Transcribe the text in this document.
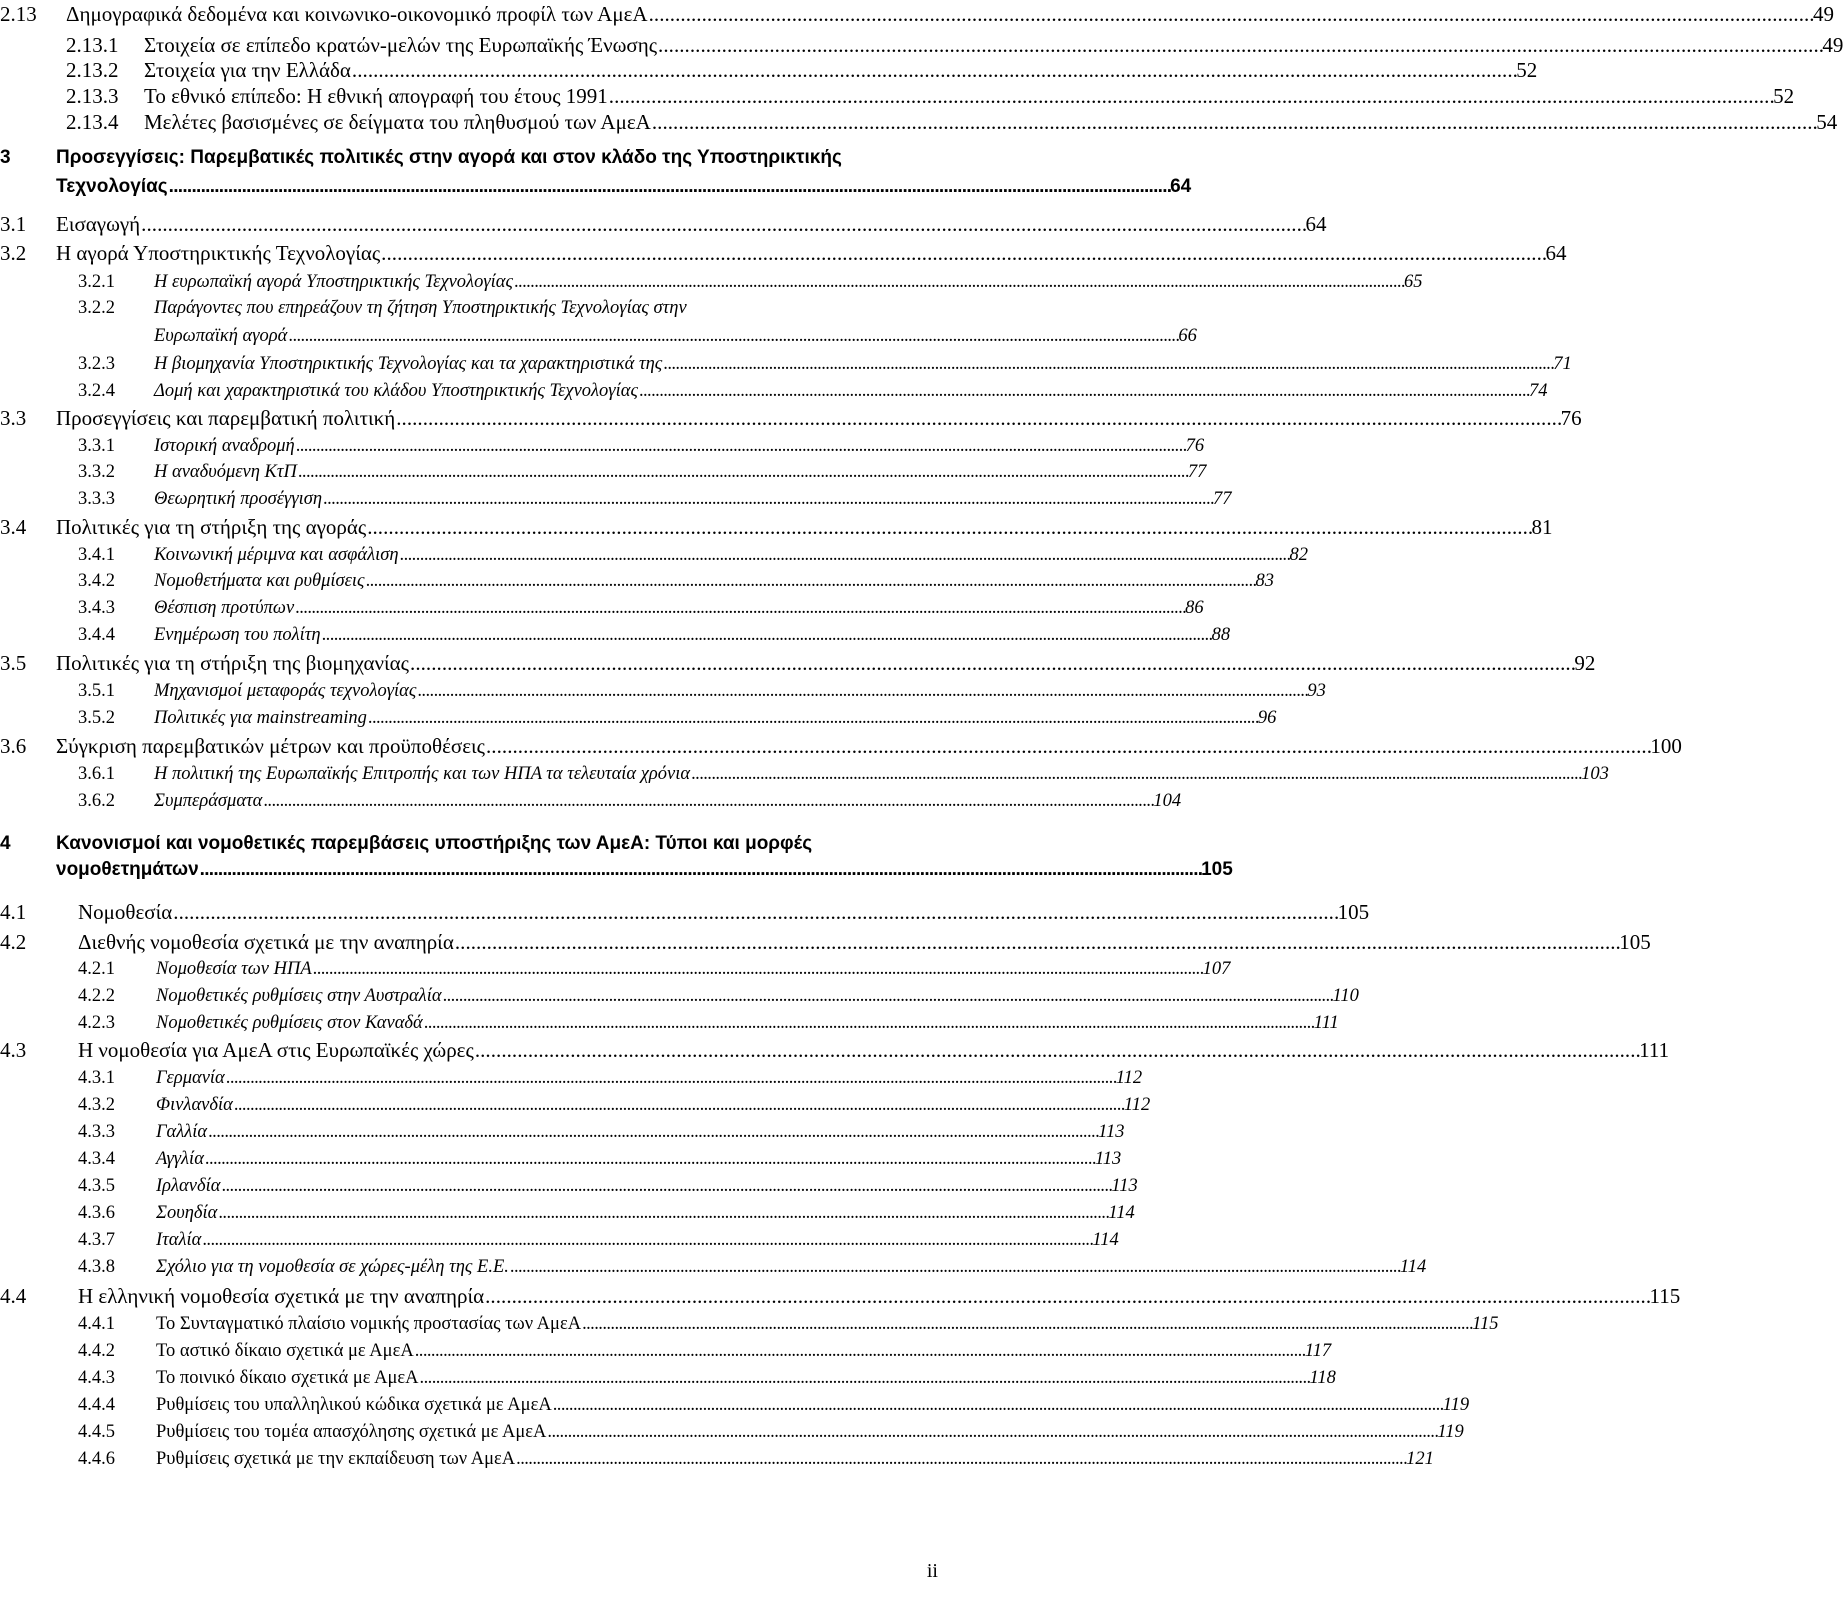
2.13	Δημογραφικά δεδομένα και κοινωνικο-οικονομικό προφίλ των ΑμεΑ . . .	49
2.13.1	Στοιχεία σε επίπεδο κρατών-μελών της Ευρωπαϊκής Ένωσης . . .	49
2.13.2	Στοιχεία για την Ελλάδα . . .	52
2.13.3	Το εθνικό επίπεδο: Η εθνική απογραφή του έτους 1991 . . .	52
2.13.4	Μελέτες βασισμένες σε δείγματα του πληθυσμού των ΑμεΑ . . .	54
3 Προσεγγίσεις: Παρεμβατικές πολιτικές στην αγορά και στον κλάδο της Υποστηρικτικής
Τεχνολογίας . . .	64
3.1	Εισαγωγή . . .	64
3.2	Η αγορά Υποστηρικτικής Τεχνολογίας . . .	64
3.2.1	Η ευρωπαϊκή αγορά Υποστηρικτικής Τεχνολογίας . . .	65
3.2.2 Παράγοντες που επηρεάζουν τη ζήτηση Υποστηρικτικής Τεχνολογίας στην
Ευρωπαϊκή αγορά . . .	66
3.2.3	Η βιομηχανία Υποστηρικτικής Τεχνολογίας και τα χαρακτηριστικά της . . .	71
3.2.4	Δομή και χαρακτηριστικά του κλάδου Υποστηρικτικής Τεχνολογίας . . .	74
3.3	Προσεγγίσεις και παρεμβατική πολιτική . . .	76
3.3.1	Ιστορική αναδρομή . . .	76
3.3.2	Η αναδυόμενη ΚτΠ . . .	77
3.3.3	Θεωρητική προσέγγιση . . .	77
3.4	Πολιτικές για τη στήριξη της αγοράς . . .	81
3.4.1	Κοινωνική μέριμνα και ασφάλιση . . .	82
3.4.2	Νομοθετήματα και ρυθμίσεις . . .	83
3.4.3	Θέσπιση προτύπων . . .	86
3.4.4	Ενημέρωση του πολίτη . . .	88
3.5	Πολιτικές για τη στήριξη της βιομηχανίας . . .	92
3.5.1	Μηχανισμοί μεταφοράς τεχνολογίας . . .	93
3.5.2	Πολιτικές για mainstreaming . . .	96
3.6	Σύγκριση παρεμβατικών μέτρων και προϋποθέσεις . . .	100
3.6.1	Η πολιτική της Ευρωπαϊκής Επιτροπής και των ΗΠΑ τα τελευταία χρόνια . . .	103
3.6.2	Συμπεράσματα . . .	104
4 Κανονισμοί και νομοθετικές παρεμβάσεις υποστήριξης των ΑμεΑ: Τύποι και μορφές
νομοθετημάτων . . .	105
4.1	Νομοθεσία . . .	105
4.2	Διεθνής νομοθεσία σχετικά με την αναπηρία . . .	105
4.2.1	Νομοθεσία των ΗΠΑ . . .	107
4.2.2	Νομοθετικές ρυθμίσεις στην Αυστραλία . . .	110
4.2.3	Νομοθετικές ρυθμίσεις στον Καναδά . . .	111
4.3	Η νομοθεσία για ΑμεΑ στις Ευρωπαϊκές χώρες . . .	111
4.3.1	Γερμανία . . .	112
4.3.2	Φινλανδία . . .	112
4.3.3	Γαλλία . . .	113
4.3.4	Αγγλία . . .	113
4.3.5	Ιρλανδία . . .	113
4.3.6	Σουηδία . . .	114
4.3.7	Ιταλία . . .	114
4.3.8	Σχόλιο για τη νομοθεσία σε χώρες-μέλη της Ε.Ε. . . .	114
4.4	Η ελληνική νομοθεσία σχετικά με την αναπηρία . . .	115
4.4.1	Το Συνταγματικό πλαίσιο νομικής προστασίας των ΑμεΑ . . .	115
4.4.2	Το αστικό δίκαιο σχετικά με ΑμεΑ . . .	117
4.4.3	Το ποινικό δίκαιο σχετικά με ΑμεΑ . . .	118
4.4.4	Ρυθμίσεις του υπαλληλικού κώδικα σχετικά με ΑμεΑ . . .	119
4.4.5	Ρυθμίσεις του τομέα απασχόλησης σχετικά με ΑμεΑ . . .	119
4.4.6	Ρυθμίσεις σχετικά με την εκπαίδευση των ΑμεΑ . . .	121
ii
